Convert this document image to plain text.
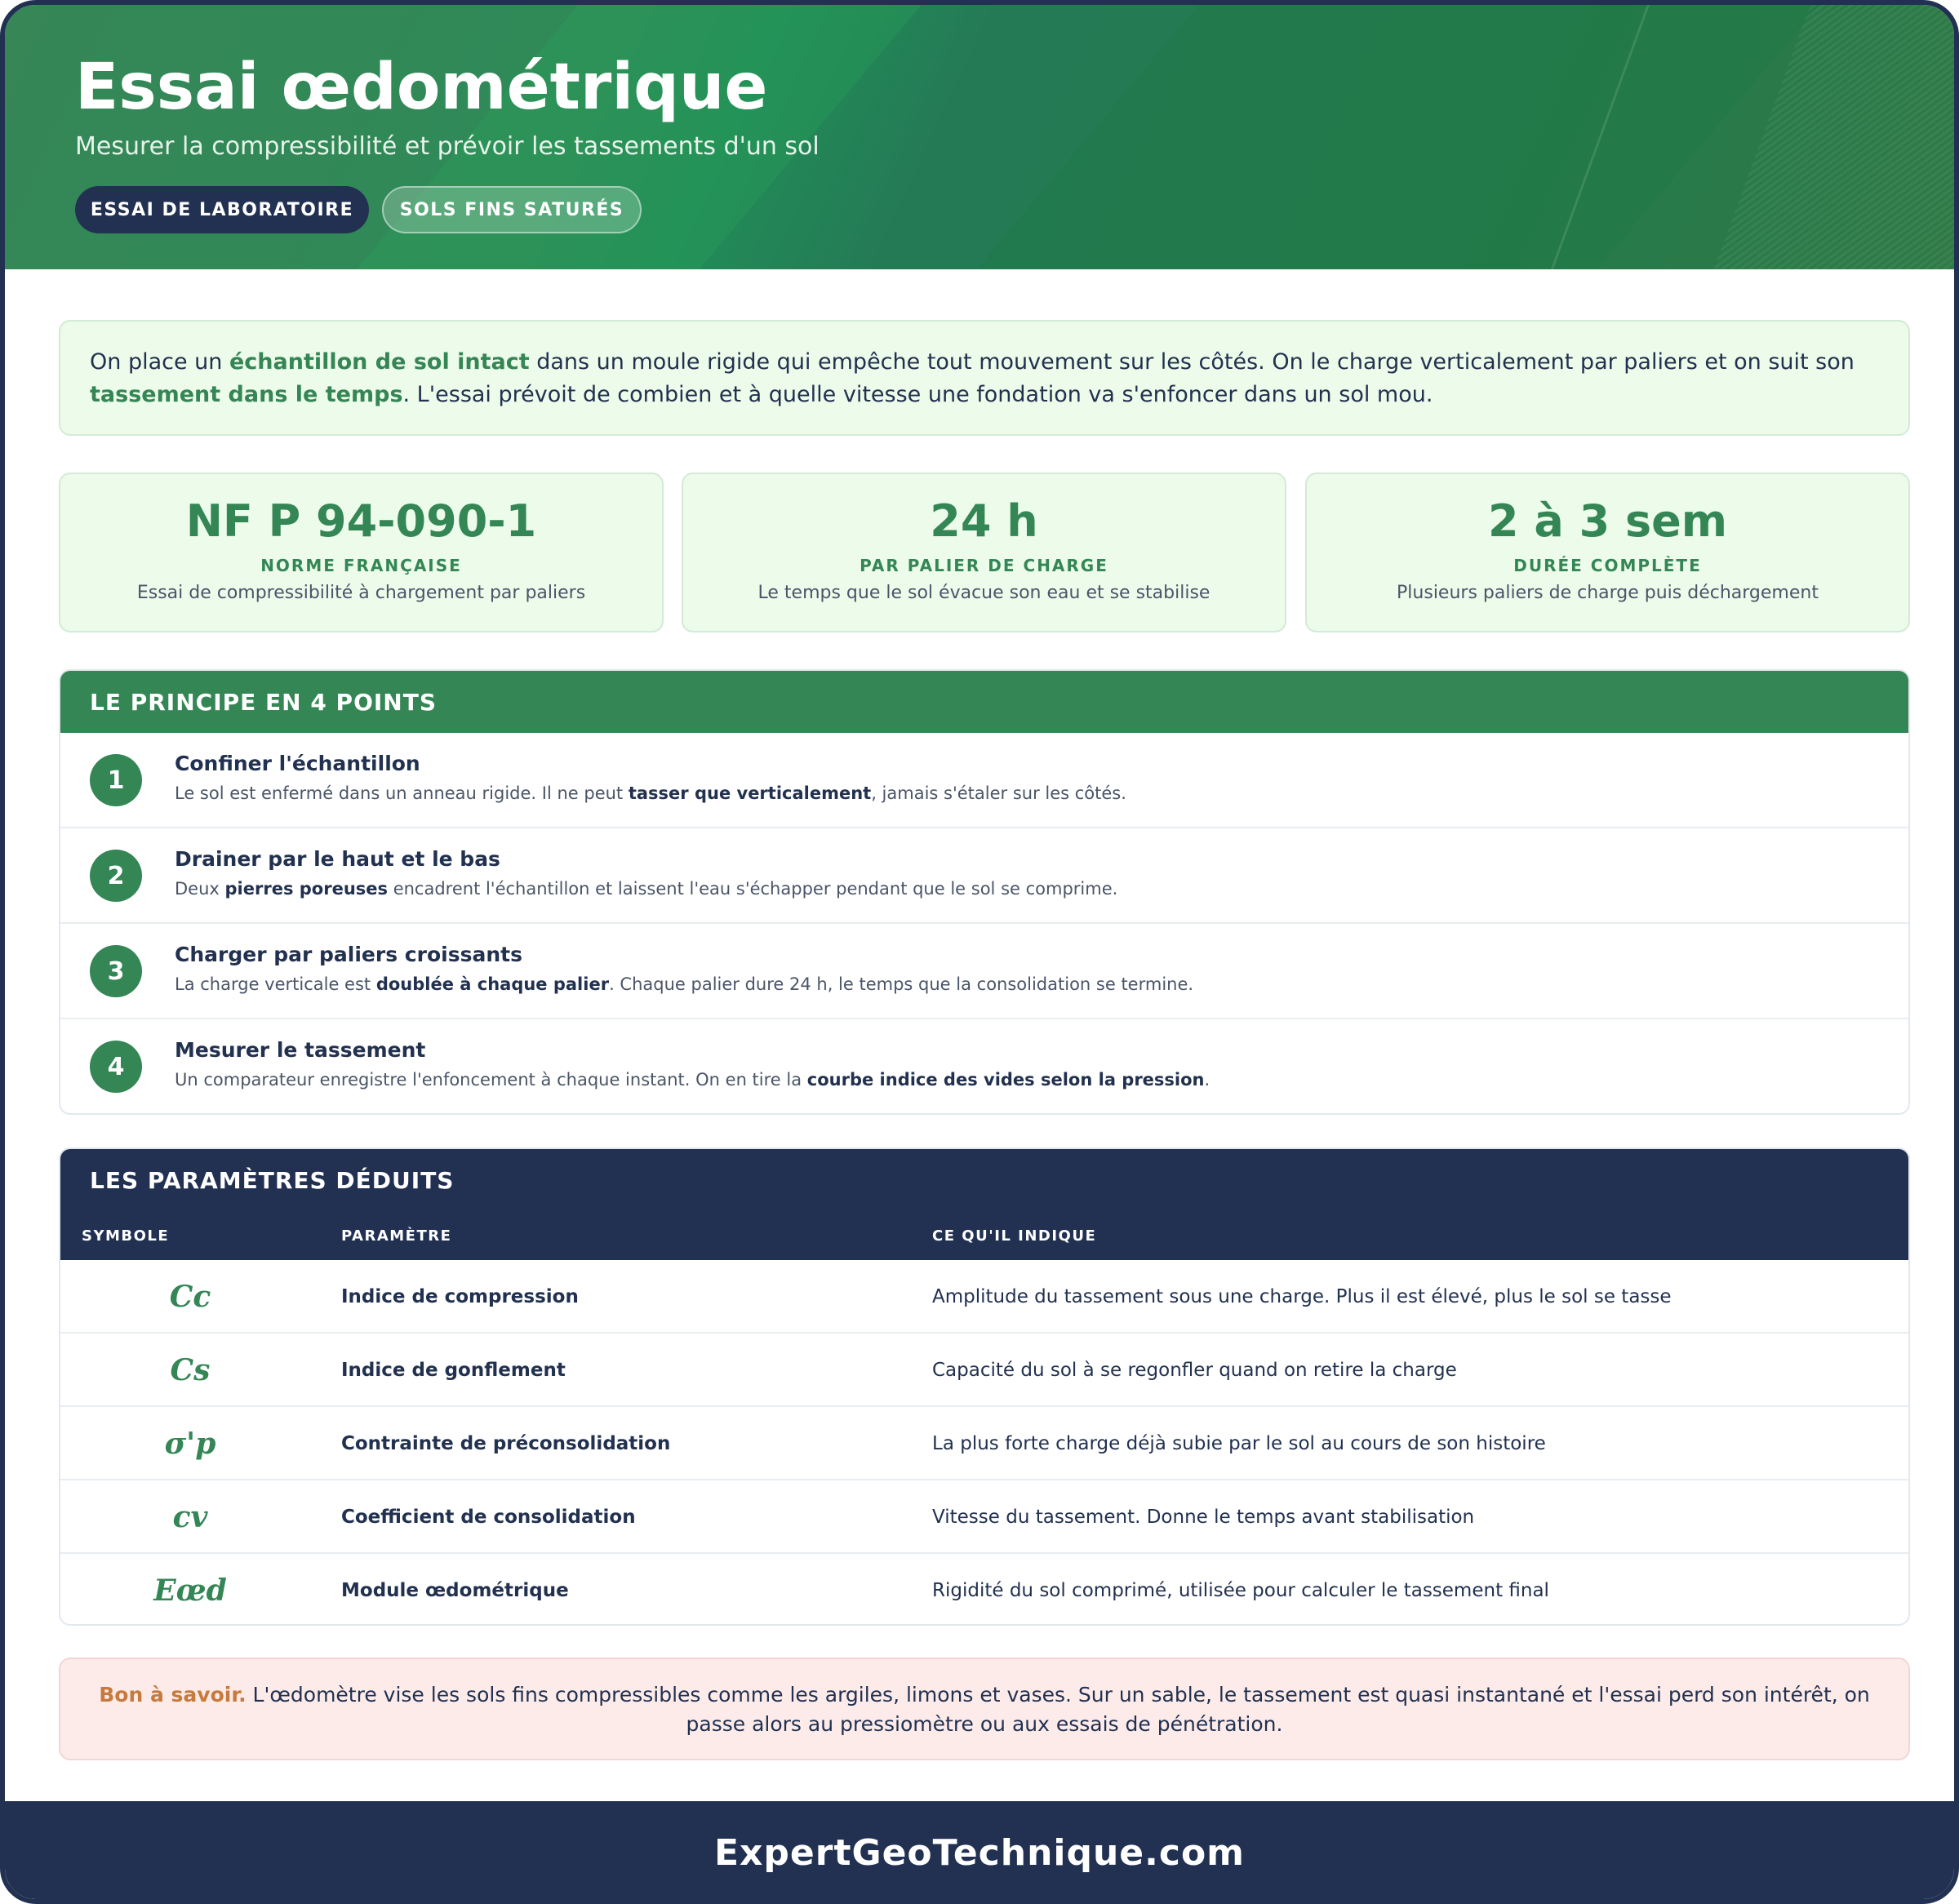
Essai œdométrique
Mesurer la compressibilité et prévoir les tassements d'un sol
ESSAI DE LABORATOIRE	SOLS FINS SATURÉS
On place un échantillon de sol intact dans un moule rigide qui empêche tout mouvement sur les côtés. On le charge verticalement par paliers et on suit son tassement dans le temps. L'essai prévoit de combien et à quelle vitesse une fondation va s'enfoncer dans un sol mou.
NF P 94-090-1
NORME FRANÇAISE
Essai de compressibilité à chargement par paliers
24 h
PAR PALIER DE CHARGE
Le temps que le sol évacue son eau et se stabilise
2 à 3 sem
DURÉE COMPLÈTE
Plusieurs paliers de charge puis déchargement
LE PRINCIPE EN 4 POINTS
1
Confiner l'échantillon
Le sol est enfermé dans un anneau rigide. Il ne peut tasser que verticalement, jamais s'étaler sur les côtés.
2
Drainer par le haut et le bas
Deux pierres poreuses encadrent l'échantillon et laissent l'eau s'échapper pendant que le sol se comprime.
3
Charger par paliers croissants
La charge verticale est doublée à chaque palier. Chaque palier dure 24 h, le temps que la consolidation se termine.
4
Mesurer le tassement
Un comparateur enregistre l'enfoncement à chaque instant. On en tire la courbe indice des vides selon la pression.
LES PARAMÈTRES DÉDUITS
SYMBOLE	PARAMÈTRE	CE QU'IL INDIQUE
Cc	Indice de compression	Amplitude du tassement sous une charge. Plus il est élevé, plus le sol se tasse
Cs	Indice de gonflement	Capacité du sol à se regonfler quand on retire la charge
σ'p	Contrainte de préconsolidation	La plus forte charge déjà subie par le sol au cours de son histoire
cv	Coefficient de consolidation	Vitesse du tassement. Donne le temps avant stabilisation
Eœd	Module œdométrique	Rigidité du sol comprimé, utilisée pour calculer le tassement final
Bon à savoir. L'œdomètre vise les sols fins compressibles comme les argiles, limons et vases. Sur un sable, le tassement est quasi instantané et l'essai perd son intérêt, on passe alors au pressiomètre ou aux essais de pénétration.
ExpertGeoTechnique.com
